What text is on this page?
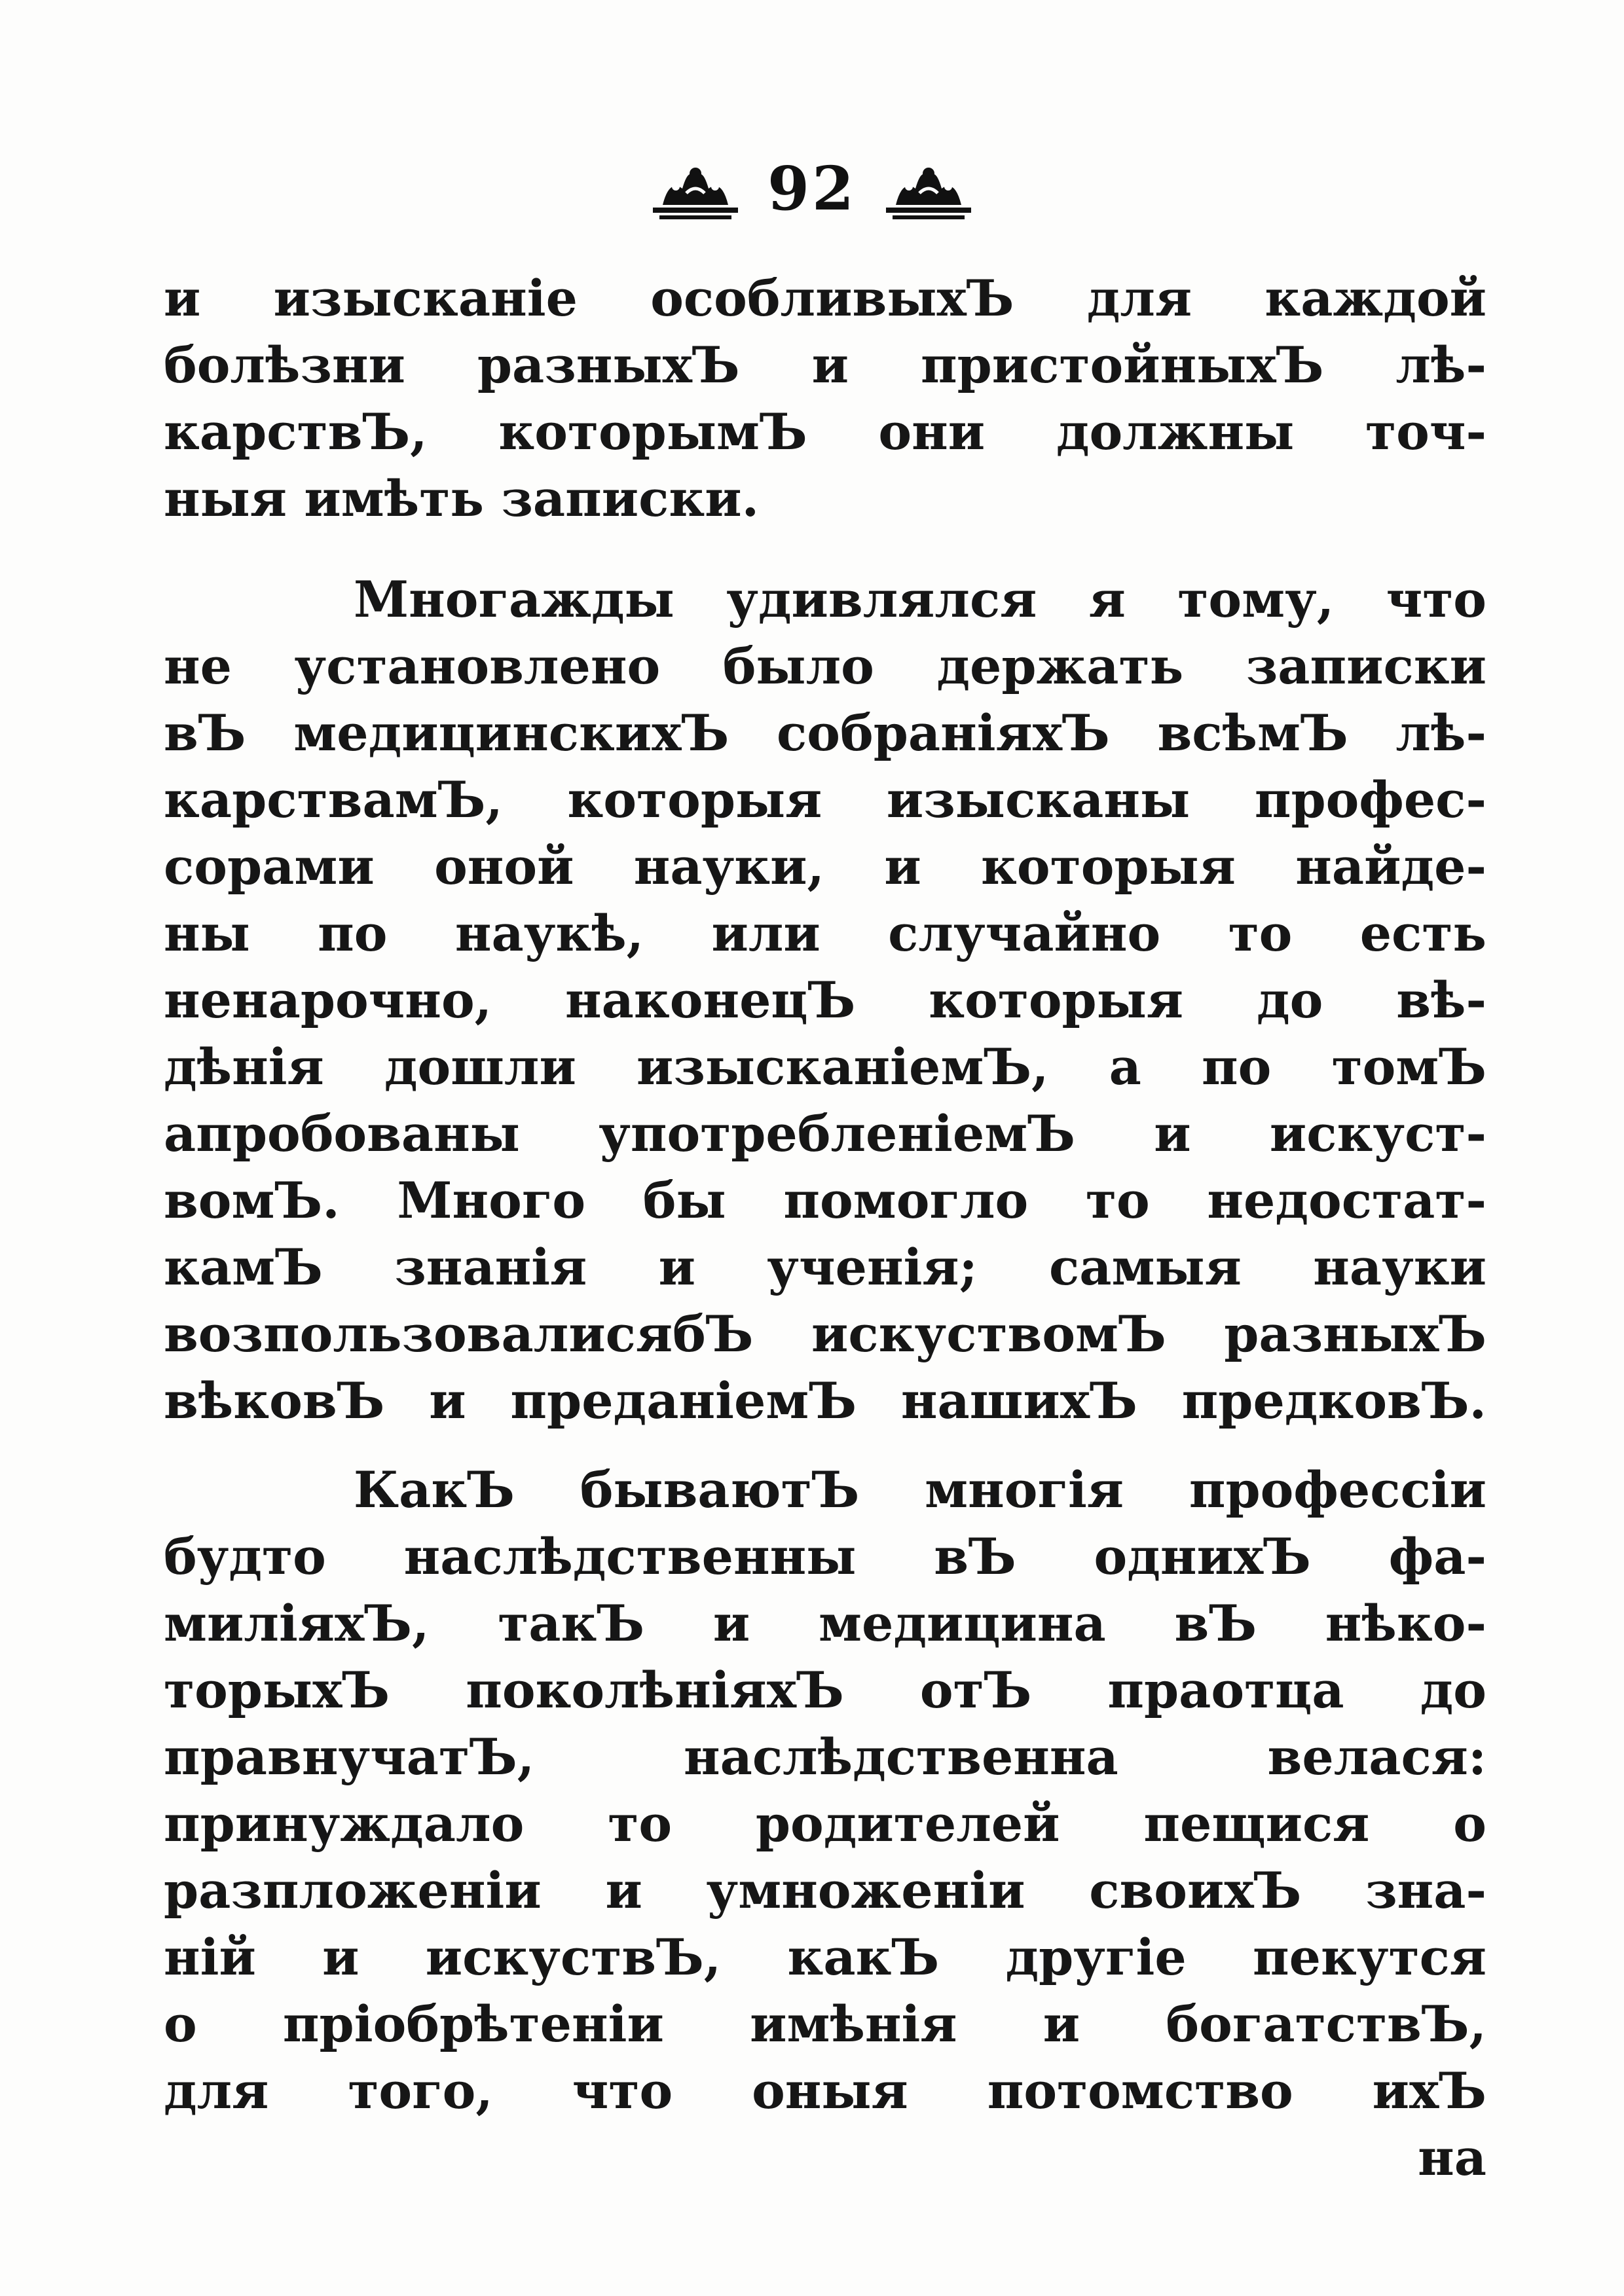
92
и изысканіе особливыхЪ для каждой
болѣзни разныхЪ и пристойныхЪ лѣ-
карствЪ, которымЪ они должны точ-
ныя имѣть записки.
Многажды удивлялся я тому, что
не установлено было держать записки
вЪ медицинскихЪ собраніяхЪ всѣмЪ лѣ-
карствамЪ, которыя изысканы профес-
сорами оной науки, и которыя найде-
ны по наукѣ, или случайно то есть
ненарочно, наконецЪ которыя до вѣ-
дѣнія дошли изысканіемЪ, а по томЪ
апробованы употребленіемЪ и искуст-
вомЪ. Много бы помогло то недостат-
камЪ знанія и ученія; самыя науки
возпользовалисябЪ искуствомЪ разныхЪ
вѣковЪ и преданіемЪ нашихЪ предковЪ.
КакЪ бываютЪ многія профессіи
будто наслѣдственны вЪ однихЪ фа-
миліяхЪ, такЪ и медицина вЪ нѣко-
торыхЪ поколѣніяхЪ отЪ праотца до
правнучатЪ, наслѣдственна велася:
принуждало то родителей пещися о
разпложеніи и умноженіи своихЪ зна-
ній и искуствЪ, какЪ другіе пекутся
о пріобрѣтеніи имѣнія и богатствЪ,
для того, что оныя потомство ихЪ
на
